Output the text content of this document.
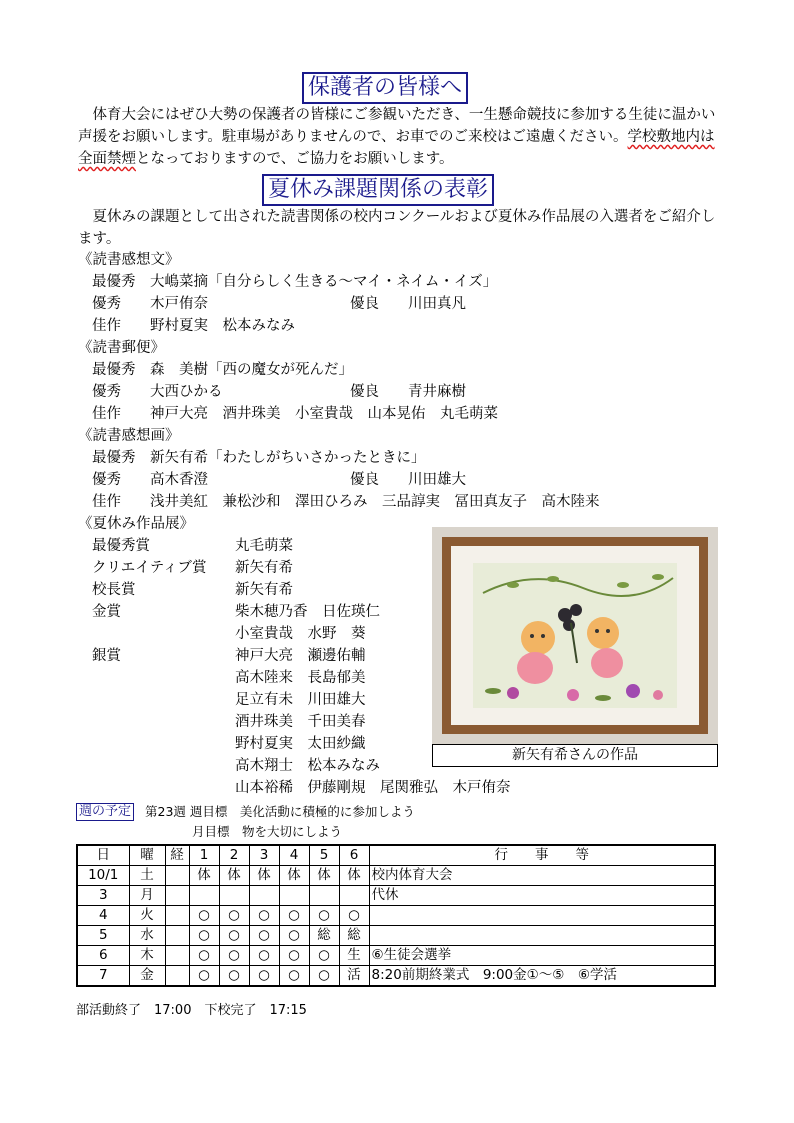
保護者の皆様へ

　体育大会にはぜひ大勢の保護者の皆様にご参観いただき、一生懸命競技に参加する生徒に温かい声援をお願いします。駐車場がありませんので、お車でのご来校はご遠慮ください。学校敷地内は全面禁煙となっておりますので、ご協力をお願いします。

夏休み課題関係の表彰
　夏休みの課題として出された読書関係の校内コンクールおよび夏休み作品展の入選者をご紹介します。
《読書感想文》
最優秀　大嶋菜摘「自分らしく生きる～マイ・ネイム・イズ」
優秀　　木戸侑奈	優良　　川田真凡
佳作　　野村夏実　松本みなみ
《読書郵便》
最優秀　森　美樹「西の魔女が死んだ」
優秀　　大西ひかる	優良　　青井麻樹
佳作　　神戸大亮　酒井珠美　小室貴哉　山本晃佑　丸毛萌菜
《読書感想画》
最優秀　新矢有希「わたしがちいさかったときに」
優秀　　高木香澄	優良　　川田雄大
佳作　　浅井美紅　兼松沙和　澤田ひろみ　三品諄実　冨田真友子　高木陸来
《夏休み作品展》
最優秀賞	丸毛萌菜
クリエイティブ賞 新矢有希
校長賞	新矢有希
金賞	柴木穂乃香　日佐瑛仁
小室貴哉　水野　葵
銀賞	神戸大亮　瀬邊佑輔
高木陸来　長島郁美
足立有未　川田雄大
酒井珠美　千田美春
野村夏実　太田紗織
高木翔士　松本みなみ
山本裕稀　伊藤剛規　尾関雅弘　木戸侑奈
新矢有希さんの作品
週の予定 第23週 週目標　美化活動に積極的に参加しよう
月目標　物を大切にしよう
日	曜	経	1	2	3	4	5	6	行　　事　　等
10/1	土		体	体	体	体	体	体	校内体育大会
3	月								代休
4	火		○	○	○	○	○	○	
5	水		○	○	○	○	総	総	
6	木		○	○	○	○	○	生	⑥生徒会選挙
7	金		○	○	○	○	○	活	8:20前期終業式　9:00金①～⑤　⑥学活
部活動終了　17:00　下校完了　17:15
